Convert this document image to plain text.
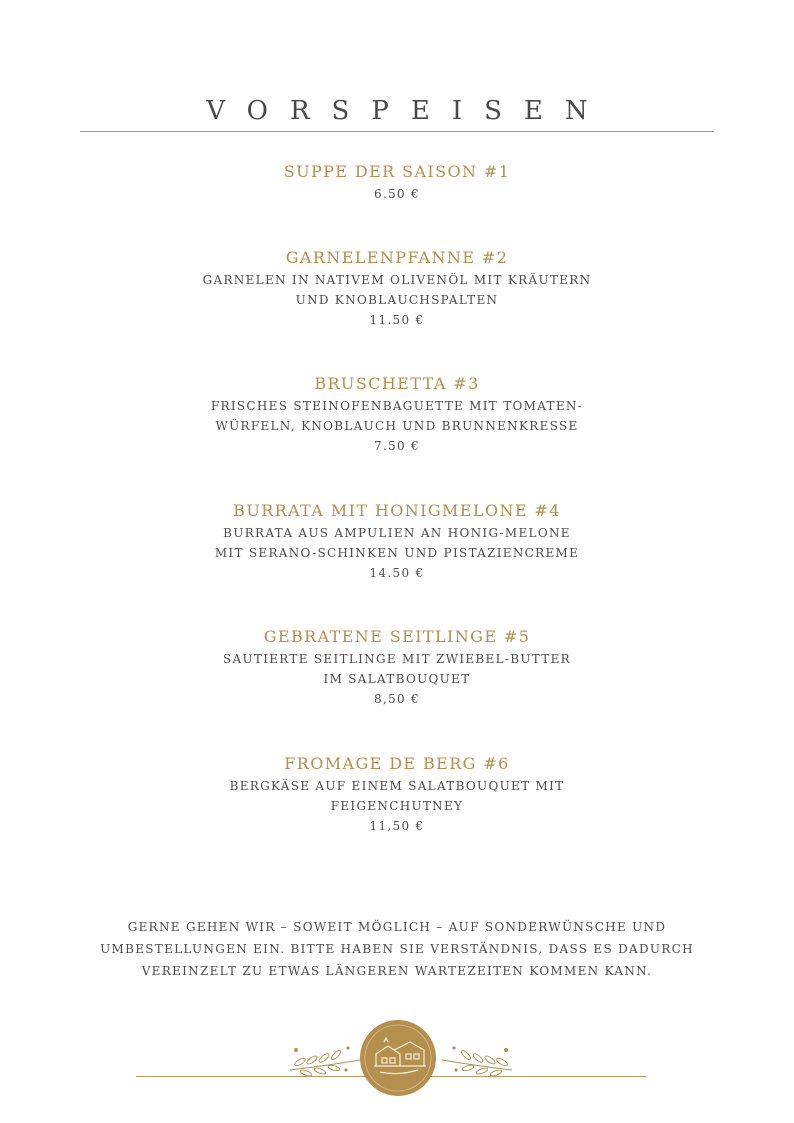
VORSPEISEN

SUPPE DER SAISON #1

6.50 €

GARNELENPFANNE #2

GARNELEN IN NATIVEM OLIVENÖL MIT KRÄUTERN

UND KNOBLAUCHSPALTEN

11.50 €

BRUSCHETTA #3

FRISCHES STEINOFENBAGUETTE MIT TOMATEN-

WÜRFELN, KNOBLAUCH UND BRUNNENKRESSE

7.50 €

BURRATA MIT HONIGMELONE #4

BURRATA AUS AMPULIEN AN HONIG-MELONE

MIT SERANO-SCHINKEN UND PISTAZIENCREME

14.50 €

GEBRATENE SEITLINGE #5

SAUTIERTE SEITLINGE MIT ZWIEBEL-BUTTER

IM SALATBOUQUET

8,50 €

FROMAGE DE BERG #6

BERGKÄSE AUF EINEM SALATBOUQUET MIT

FEIGENCHUTNEY

11,50 €

GERNE GEHEN WIR – SOWEIT MÖGLICH – AUF SONDERWÜNSCHE UND
UMBESTELLUNGEN EIN. BITTE HABEN SIE VERSTÄNDNIS, DASS ES DADURCH
VEREINZELT ZU ETWAS LÄNGEREN WARTEZEITEN KOMMEN KANN.
